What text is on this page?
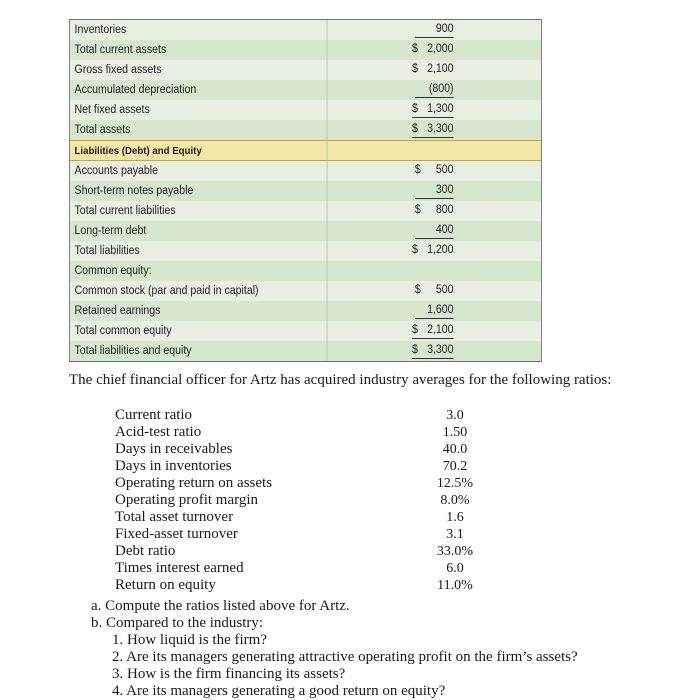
Inventories	900
Total current assets	$ 2,000
Gross fixed assets	$ 2,100
Accumulated depreciation	(800)
Net fixed assets	$ 1,300
Total assets	$ 3,300
Liabilities (Debt) and Equity
Accounts payable	$ 500
Short-term notes payable	300
Total current liabilities	$ 800
Long-term debt	400
Total liabilities	$ 1,200
Common equity:
Common stock (par and paid in capital)	$ 500
Retained earnings	1,600
Total common equity	$ 2,100
Total liabilities and equity	$ 3,300

The chief financial officer for Artz has acquired industry averages for the following ratios:

Current ratio	3.0
Acid-test ratio	1.50
Days in receivables	40.0
Days in inventories	70.2
Operating return on assets	12.5%
Operating profit margin	8.0%
Total asset turnover	1.6
Fixed-asset turnover	3.1
Debt ratio	33.0%
Times interest earned	6.0
Return on equity	11.0%
a. Compute the ratios listed above for Artz.
b. Compared to the industry:
1. How liquid is the firm?
2. Are its managers generating attractive operating profit on the firm’s assets?
3. How is the firm financing its assets?
4. Are its managers generating a good return on equity?
